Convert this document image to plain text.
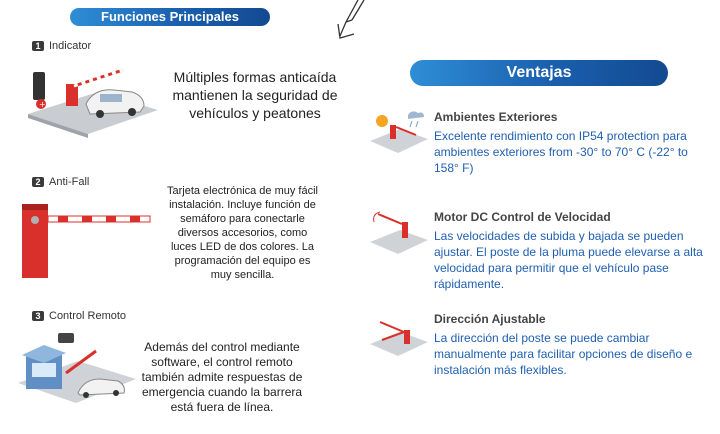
Funciones Principales
1 Indicator
+
Múltiples formas anticaída mantienen la seguridad de vehículos y peatones
2 Anti-Fall
Tarjeta electrónica de muy fácil instalación. Incluye función de semáforo para conectarle diversos accesorios, como luces LED de dos colores. La programación del equipo es muy sencilla.
3 Control Remoto
Además del control mediante software, el control remoto también admite respuestas de emergencia cuando la barrera está fuera de línea.
Ventajas
Ambientes Exteriores
Excelente rendimiento con IP54 protection para ambientes exteriores from -30° to 70° C (-22° to 158° F)
Motor DC Control de Velocidad
Las velocidades de subida y bajada se pueden ajustar. El poste de la pluma puede elevarse a alta velocidad para permitir que el vehículo pase rápidamente.
Dirección Ajustable
La dirección del poste se puede cambiar manualmente para facilitar opciones de diseño e instalación más flexibles.
